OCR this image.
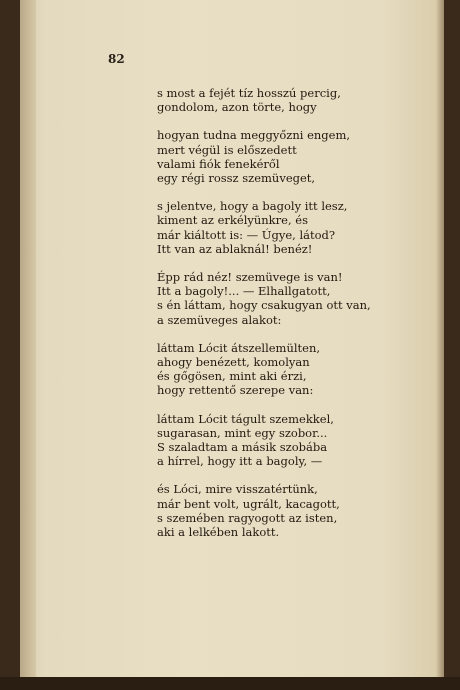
82
s most a fejét tíz hosszú percig,
gondolom, azon törte, hogy
hogyan tudna meggyőzni engem,
mert végül is előszedett
valami fiók fenekéről
egy régi rossz szemüveget,
s jelentve, hogy a bagoly itt lesz,
kiment az erkélyünkre, és
már kiáltott is: — Úgye, látod?
Itt van az ablaknál! benéz!
Épp rád néz! szemüvege is van!
Itt a bagoly!... — Elhallgatott,
s én láttam, hogy csakugyan ott van,
a szemüveges alakot:
láttam Lócit átszellemülten,
ahogy benézett, komolyan
és gőgösen, mint aki érzi,
hogy rettentő szerepe van:
láttam Lócit tágult szemekkel,
sugarasan, mint egy szobor...
S szaladtam a másik szobába
a hírrel, hogy itt a bagoly, —
és Lóci, mire visszatértünk,
már bent volt, ugrált, kacagott,
s szemében ragyogott az isten,
aki a lelkében lakott.
